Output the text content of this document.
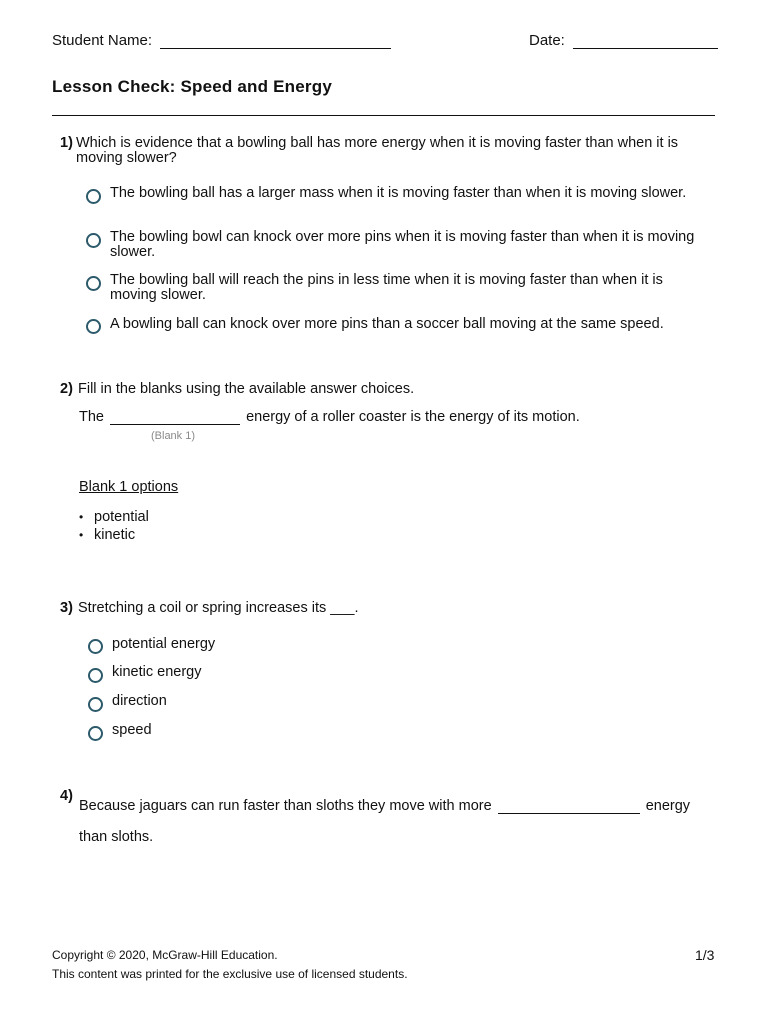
Student Name:	Date:
Lesson Check: Speed and Energy
1) Which is evidence that a bowling ball has more energy when it is moving faster than when it is moving slower?
The bowling ball has a larger mass when it is moving faster than when it is moving slower.
The bowling bowl can knock over more pins when it is moving faster than when it is moving slower.
The bowling ball will reach the pins in less time when it is moving faster than when it is moving slower.
A bowling ball can knock over more pins than a soccer ball moving at the same speed.
2) Fill in the blanks using the available answer choices.
The	energy of a roller coaster is the energy of its motion.
(Blank 1)
Blank 1 options
• potential
• kinetic
3) Stretching a coil or spring increases its ___.
potential energy
kinetic energy
direction
speed
4)
Because jaguars can run faster than sloths they move with more	energy
than sloths.
Copyright © 2020, McGraw-Hill Education.
This content was printed for the exclusive use of licensed students.
1/3
